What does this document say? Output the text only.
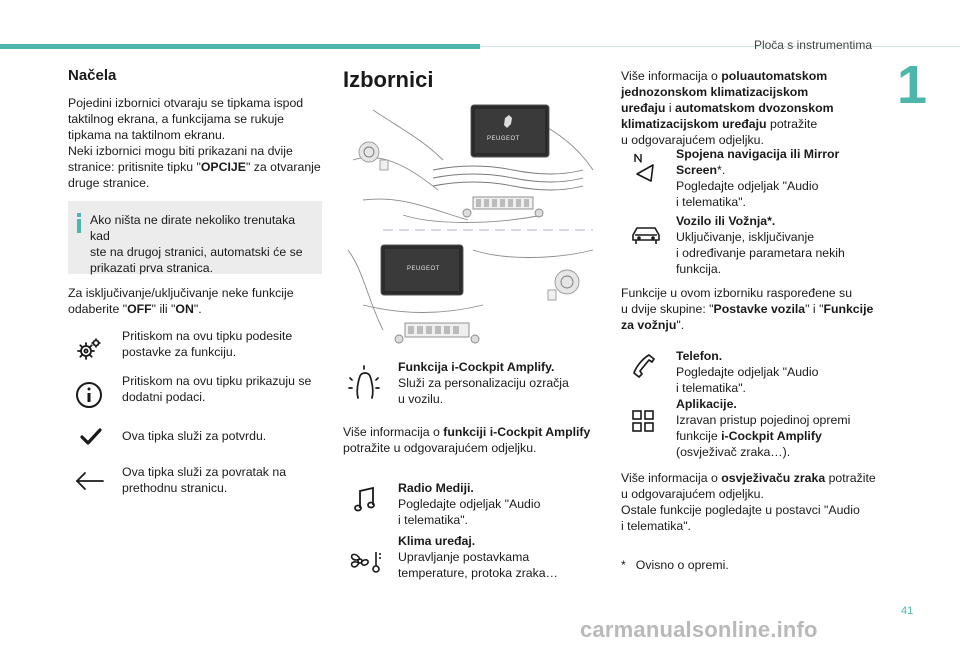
Ploča s instrumentima
1
Načela

Pojedini izbornici otvaraju se tipkama ispod

taktilnog ekrana, a funkcijama se rukuje

tipkama na taktilnom ekranu.

Neki izbornici mogu biti prikazani na dvije

stranice: pritisnite tipku "OPCIJE" za otvaranje

druge stranice.

Ako ništa ne dirate nekoliko trenutaka kad
ste na drugoj stranici, automatski će se
prikazati prva stranica.

Za isključivanje/uključivanje neke funkcije

odaberite "OFF" ili "ON".

Pritiskom na ovu tipku podesite

postavke za funkciju.

Pritiskom na ovu tipku prikazuju se

dodatni podaci.

Ova tipka služi za potvrdu.

Ova tipka služi za povratak na

prethodnu stranicu.

Izbornici
PEUGEOT
PEUGEOT

Funkcija i-Cockpit Amplify.

Služi za personalizaciju ozračja

u vozilu.

Više informacija o funkciji i-Cockpit Amplify

potražite u odgovarajućem odjeljku.

Radio Mediji.

Pogledajte odjeljak "Audio

i telematika".

Klima uređaj.

Upravljanje postavkama

temperature, protoka zraka…

Više informacija o poluautomatskom

jednozonskom klimatizacijskom

uređaju i automatskom dvozonskom

klimatizacijskom uređaju potražite

u odgovarajućem odjeljku.

Spojena navigacija ili Mirror

Screen*.

Pogledajte odjeljak "Audio

i telematika".

Vozilo ili Vožnja*.

Uključivanje, isključivanje

i određivanje parametara nekih

funkcija.

Funkcije u ovom izborniku raspoređene su

u dvije skupine: "Postavke vozila" i "Funkcije

za vožnju".

Telefon.

Pogledajte odjeljak "Audio

i telematika".

Aplikacije.

Izravan pristup pojedinoj opremi

funkcije i-Cockpit Amplify

(osvježivač zraka…).

Više informacija o osvježivaču zraka potražite

u odgovarajućem odjeljku.

Ostale funkcije pogledajte u postavci "Audio

i telematika".

* Ovisno o opremi.

41
carmanualsonline.info
